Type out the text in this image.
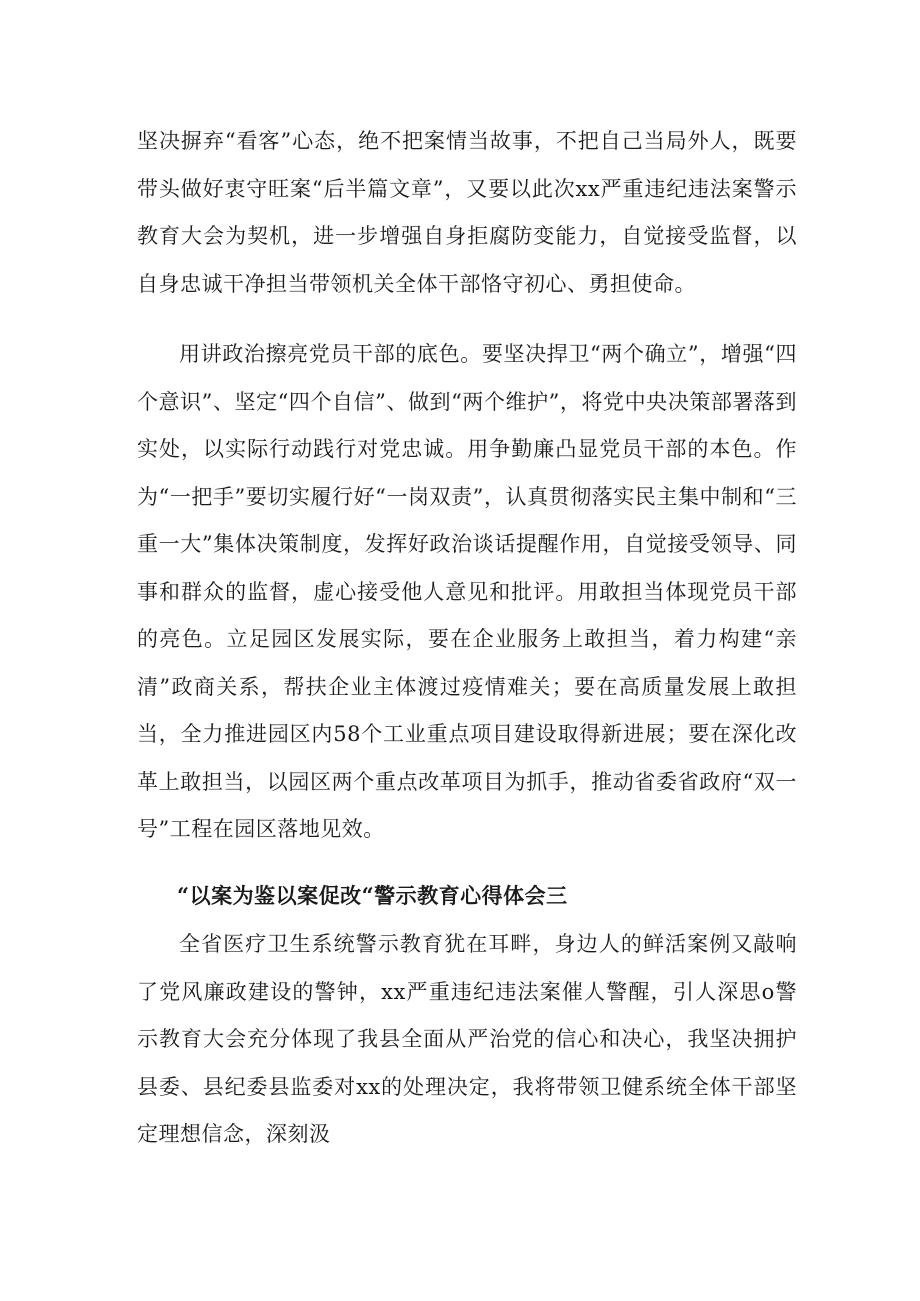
坚决摒弃“看客”心态，绝不把案情当故事，不把自己当局外人，既要带头做好衷守旺案“后半篇文章”，又要以此次xx严重违纪违法案警示教育大会为契机，进一步增强自身拒腐防变能力，自觉接受监督，以自身忠诚干净担当带领机关全体干部恪守初心、勇担使命。

用讲政治擦亮党员干部的底色。要坚决捍卫“两个确立”，增强“四个意识”、坚定“四个自信”、做到“两个维护”，将党中央决策部署落到实处，以实际行动践行对党忠诚。用争勤廉凸显党员干部的本色。作为“一把手”要切实履行好“一岗双责”，认真贯彻落实民主集中制和“三重一大”集体决策制度，发挥好政治谈话提醒作用，自觉接受领导、同事和群众的监督，虚心接受他人意见和批评。用敢担当体现党员干部的亮色。立足园区发展实际，要在企业服务上敢担当，着力构建“亲清”政商关系，帮扶企业主体渡过疫情难关；要在高质量发展上敢担当，全力推进园区内58个工业重点项目建设取得新进展；要在深化改革上敢担当，以园区两个重点改革项目为抓手，推动省委省政府“双一号”工程在园区落地见效。

“以案为鉴以案促改“警示教育心得体会三

全省医疗卫生系统警示教育犹在耳畔，身边人的鲜活案例又敲响了党风廉政建设的警钟，xx严重违纪违法案催人警醒，引人深思ο警示教育大会充分体现了我县全面从严治党的信心和决心，我坚决拥护县委、县纪委县监委对xx的处理决定，我将带领卫健系统全体干部坚定理想信念，深刻汲
